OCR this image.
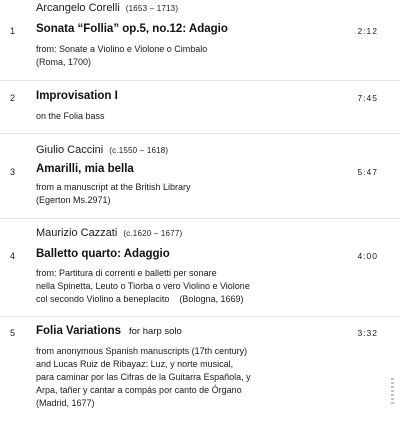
Arcangelo Corelli (1653 – 1713)
1 Sonata “Follia” op.5, no.12: Adagio	2:12
from: Sonate a Violino e Violone o Cimbalo
(Roma, 1700)
2 Improvisation I	7:45
on the Folia bass
Giulio Caccini (c.1550 – 1618)
3 Amarilli, mia bella	5:47
from a manuscript at the British Library
(Egerton Ms.2971)
Maurizio Cazzati (c.1620 – 1677)
4 Balletto quarto: Adaggio	4:00
from: Partitura di correnti e balletti per sonare
nella Spinetta, Leuto o Tiorba o vero Violino e Violone
col secondo Violino a beneplacito    (Bologna, 1669)
5 Folia Variations for harp solo	3:32
from anonymous Spanish manuscripts (17th century)
and Lucas Ruiz de Ribayaz: Luz, y norte musical,
para caminar por las Cifras de la Guitarra Española, y
Arpa, tañer y cantar a compás por canto de Órgano
(Madrid, 1677)
